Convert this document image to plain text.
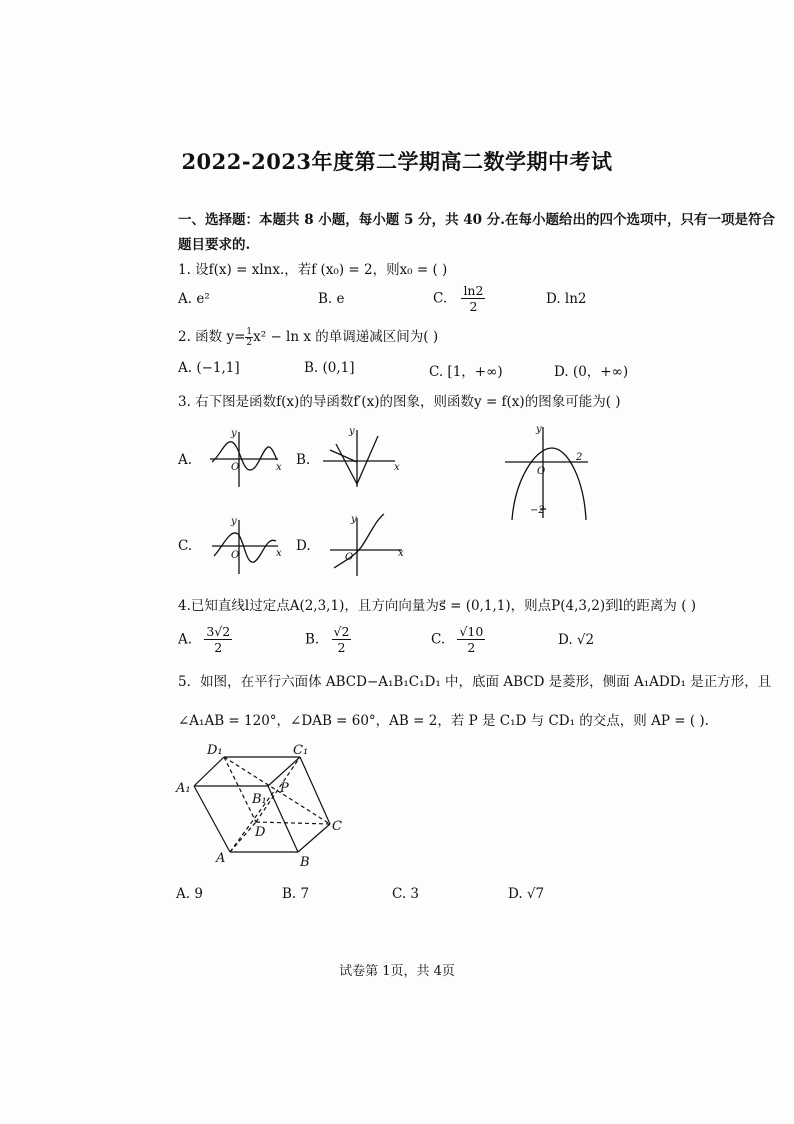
2022-2023年度第二学期高二数学期中考试
一、选择题：本题共 8 小题，每小题 5 分，共 40 分.在每小题给出的四个选项中，只有一项是符合
题目要求的.
1. 设f(x) = xlnx.，若f (x₀) = 2，则x₀ = ( )
A. e²	B. e	C. $\frac{\ln 2}{2}$	D. ln2
2. 函数 $y= \frac{1}{2} x^2 - \ln x$ 的单调递减区间为( )
A. (−1,1]	B. (0,1]	C. [1，+∞)	D. (0，+∞)
3. 右下图是函数f(x)的导函数f′(x)的图象，则函数y = f(x)的图象可能为( )
A.	B.
C.	D.
y
x
O
y
x
y
O
2
−2
y
x
O
y
x
O
D₁	C₁
A₁
B₁
P
C
D
A	B
4.已知直线l过定点A(2,3,1)，且方向向量为s⃗ = (0,1,1)，则点P(4,3,2)到l的距离为 ( )
A. $\frac{3√2}{2}$	B. $\frac{√2}{2}$	C. $\frac{√10}{2}$	D. √2
5．如图，在平行六面体 ABCD−A₁B₁C₁D₁ 中，底面 ABCD 是菱形，侧面 A₁ADD₁ 是正方形，且
∠A₁AB = 120°，∠DAB = 60°，AB = 2，若 P 是 C₁D 与 CD₁ 的交点，则 AP = ( ).
A. 9	B. 7	C. 3	D. √7
试卷第 1页，共 4页
